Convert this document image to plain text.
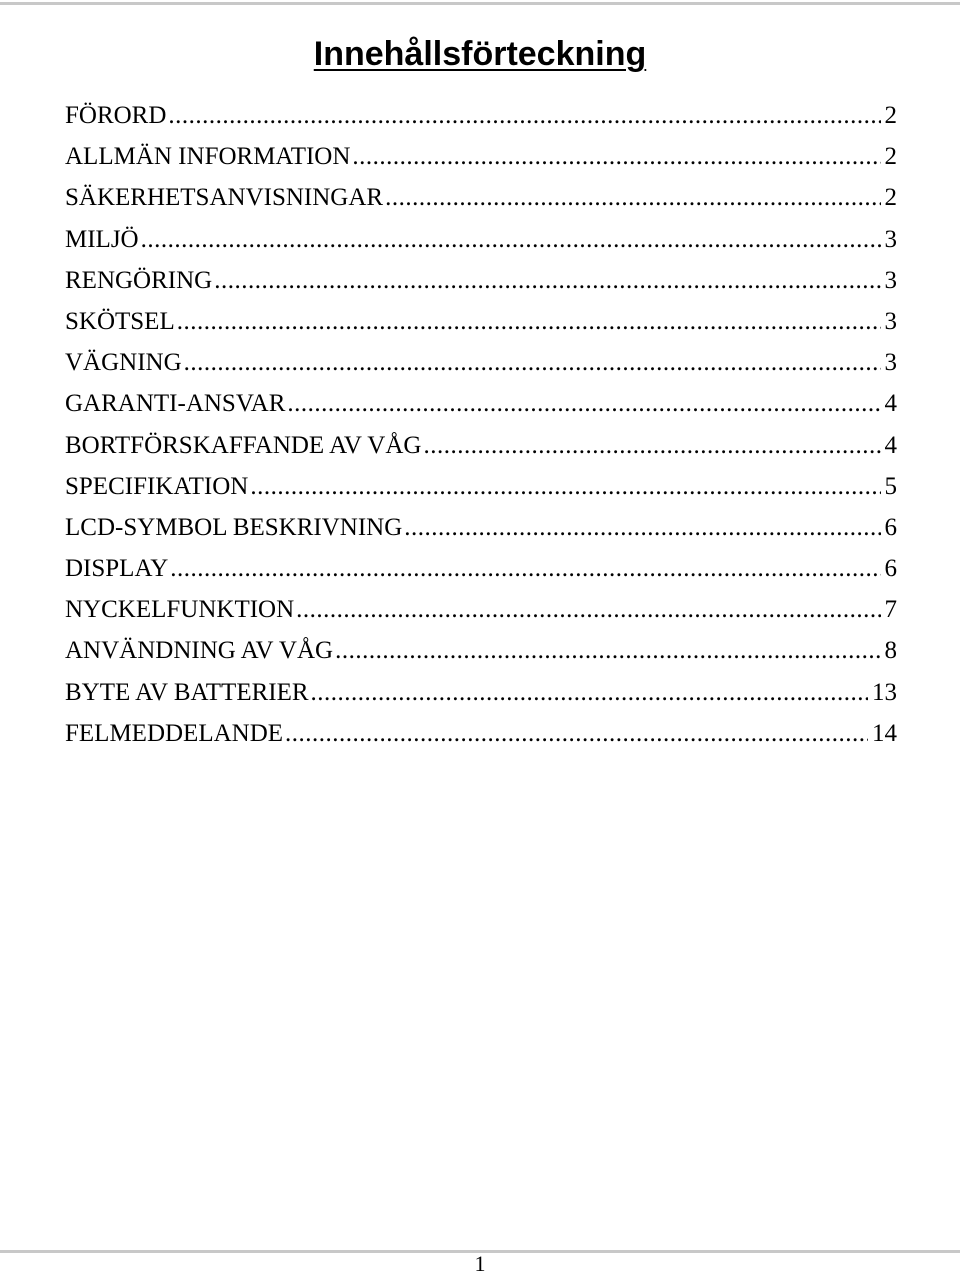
Innehållsförteckning
FÖRORD .....	2
ALLMÄN INFORMATION .....	2
SÄKERHETSANVISNINGAR .....	2
MILJÖ .....	3
RENGÖRING .....	3
SKÖTSEL .....	3
VÄGNING .....	3
GARANTI-ANSVAR .....	4
BORTFÖRSKAFFANDE AV VÅG .....	4
SPECIFIKATION .....	5
LCD-SYMBOL BESKRIVNING .....	6
DISPLAY .....	6
NYCKELFUNKTION .....	7
ANVÄNDNING AV VÅG .....	8
BYTE AV BATTERIER .....	13
FELMEDDELANDE .....	14
1
